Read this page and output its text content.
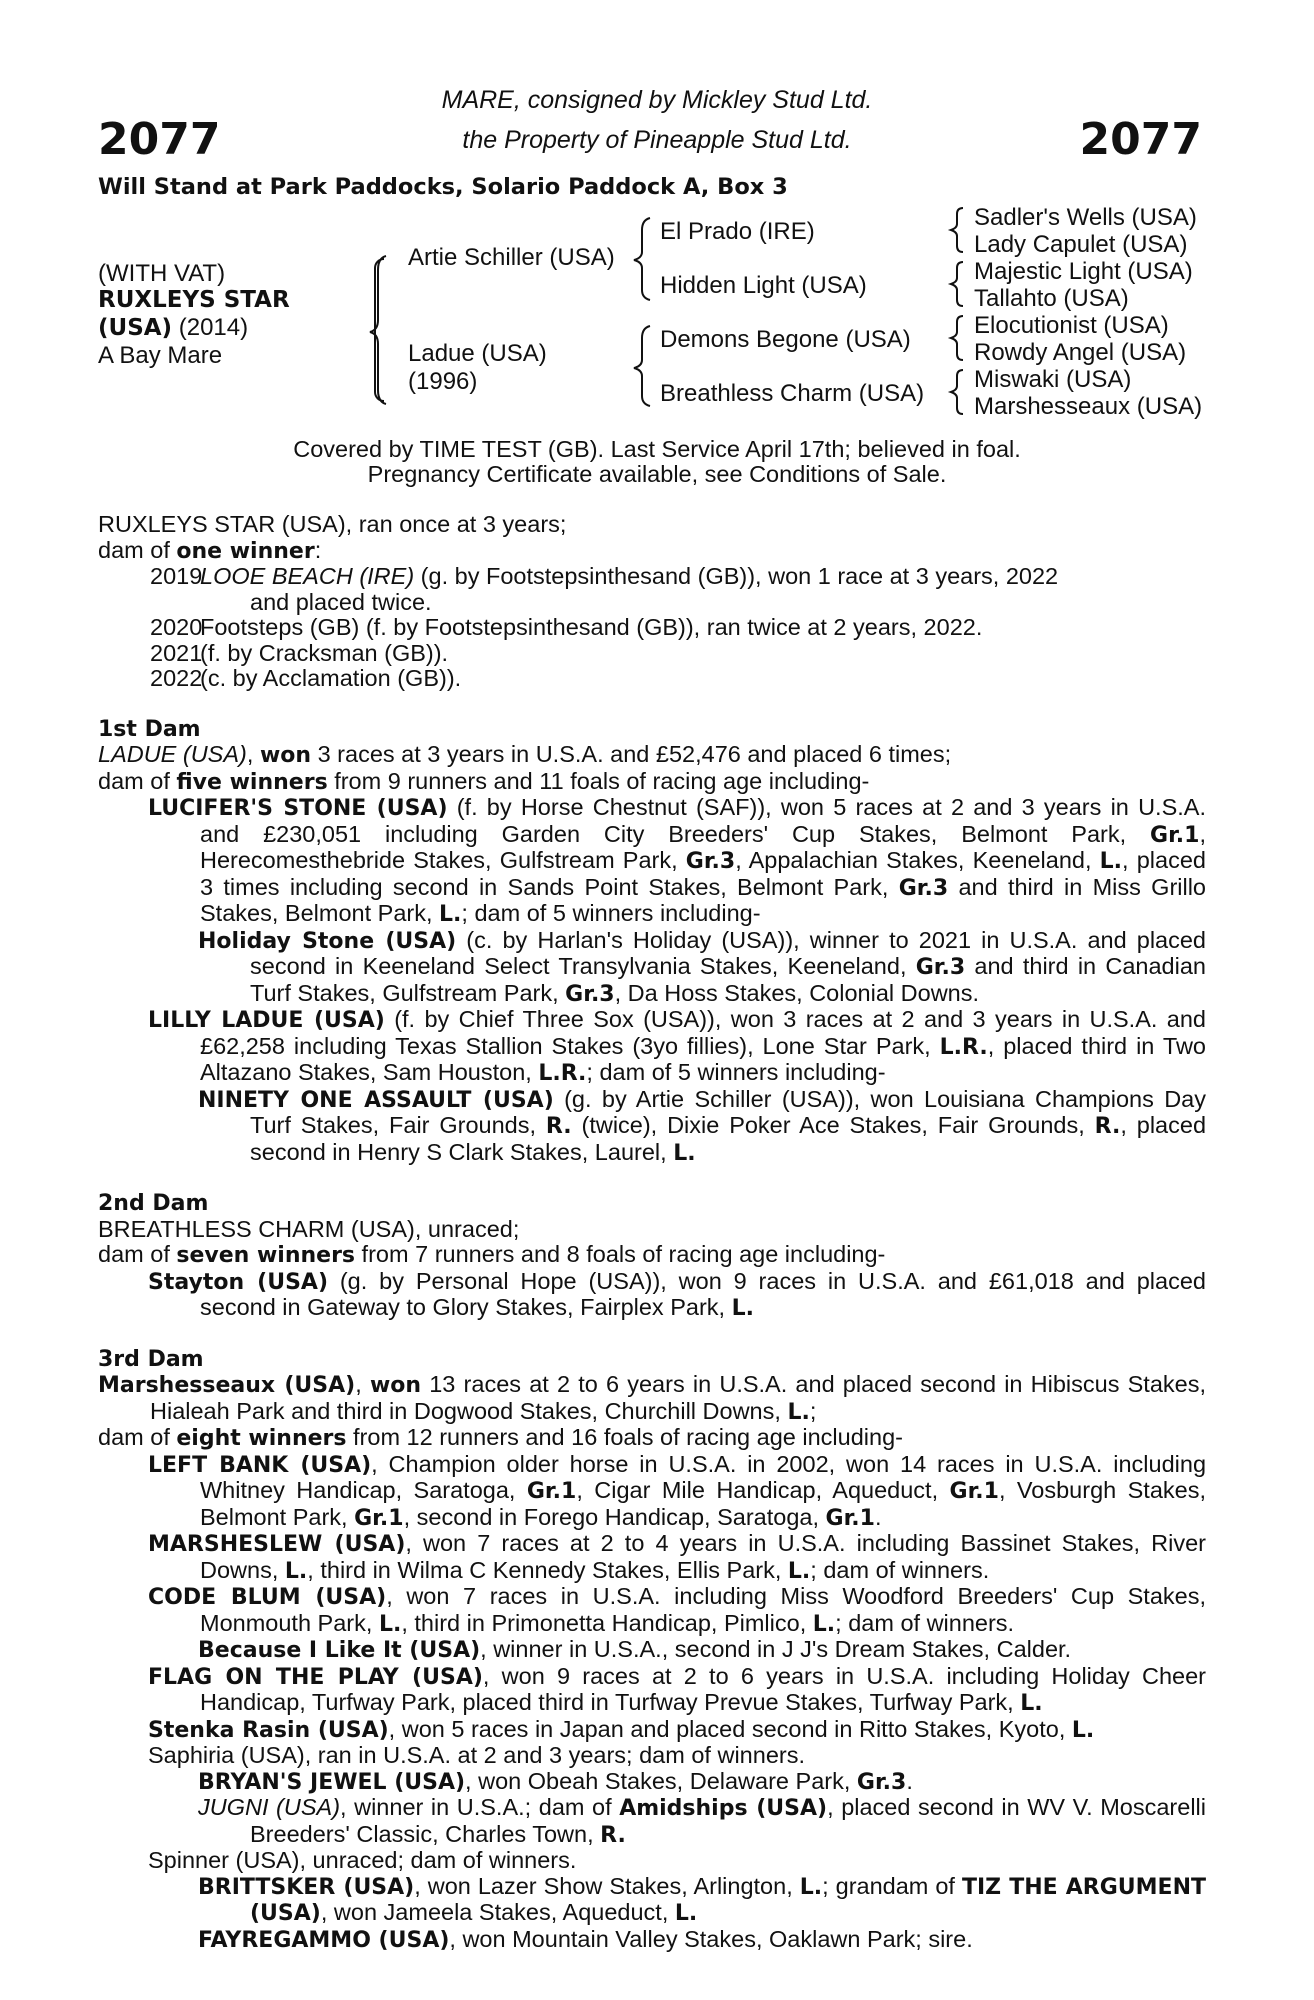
2077	2077
MARE, consigned by Mickley Stud Ltd.
the Property of Pineapple Stud Ltd.
Will Stand at Park Paddocks, Solario Paddock A, Box 3
(WITH VAT)
RUXLEYS STAR
(USA) (2014)
A Bay Mare
Artie Schiller (USA)
Ladue (USA)
(1996)
El Prado (IRE)
Hidden Light (USA)
Demons Begone (USA)
Breathless Charm (USA)
Sadler's Wells (USA)
Lady Capulet (USA)
Majestic Light (USA)
Tallahto (USA)
Elocutionist (USA)
Rowdy Angel (USA)
Miswaki (USA)
Marshesseaux (USA)
Covered by TIME TEST (GB). Last Service April 17th; believed in foal.
Pregnancy Certificate available, see Conditions of Sale.
RUXLEYS STAR (USA), ran once at 3 years;
dam of one winner:
2019
LOOE BEACH (IRE) (g. by Footstepsinthesand (GB)), won 1 race at 3 years, 2022
and placed twice.
2020
Footsteps (GB) (f. by Footstepsinthesand (GB)), ran twice at 2 years, 2022.
2021
(f. by Cracksman (GB)).
2022
(c. by Acclamation (GB)).
1st Dam
LADUE (USA), won 3 races at 3 years in U.S.A. and £52,476 and placed 6 times;
dam of five winners from 9 runners and 11 foals of racing age including-
LUCIFER'S STONE (USA) (f. by Horse Chestnut (SAF)), won 5 races at 2 and 3 years in U.S.A. and £230,051 including Garden City Breeders' Cup Stakes, Belmont Park, Gr.1, Herecomesthebride Stakes, Gulfstream Park, Gr.3, Appalachian Stakes, Keeneland, L., placed 3 times including second in Sands Point Stakes, Belmont Park, Gr.3 and third in Miss Grillo Stakes, Belmont Park, L.; dam of 5 winners including-
Holiday Stone (USA) (c. by Harlan's Holiday (USA)), winner to 2021 in U.S.A. and placed second in Keeneland Select Transylvania Stakes, Keeneland, Gr.3 and third in Canadian Turf Stakes, Gulfstream Park, Gr.3, Da Hoss Stakes, Colonial Downs.
LILLY LADUE (USA) (f. by Chief Three Sox (USA)), won 3 races at 2 and 3 years in U.S.A. and £62,258 including Texas Stallion Stakes (3yo fillies), Lone Star Park, L.R., placed third in Two Altazano Stakes, Sam Houston, L.R.; dam of 5 winners including-
NINETY ONE ASSAULT (USA) (g. by Artie Schiller (USA)), won Louisiana Champions Day Turf Stakes, Fair Grounds, R. (twice), Dixie Poker Ace Stakes, Fair Grounds, R., placed second in Henry S Clark Stakes, Laurel, L.
2nd Dam
BREATHLESS CHARM (USA), unraced;
dam of seven winners from 7 runners and 8 foals of racing age including-
Stayton (USA) (g. by Personal Hope (USA)), won 9 races in U.S.A. and £61,018 and placed second in Gateway to Glory Stakes, Fairplex Park, L.
3rd Dam
Marshesseaux (USA), won 13 races at 2 to 6 years in U.S.A. and placed second in Hibiscus Stakes, Hialeah Park and third in Dogwood Stakes, Churchill Downs, L.;
dam of eight winners from 12 runners and 16 foals of racing age including-
LEFT BANK (USA), Champion older horse in U.S.A. in 2002, won 14 races in U.S.A. including Whitney Handicap, Saratoga, Gr.1, Cigar Mile Handicap, Aqueduct, Gr.1, Vosburgh Stakes, Belmont Park, Gr.1, second in Forego Handicap, Saratoga, Gr.1.
MARSHESLEW (USA), won 7 races at 2 to 4 years in U.S.A. including Bassinet Stakes, River Downs, L., third in Wilma C Kennedy Stakes, Ellis Park, L.; dam of winners.
CODE BLUM (USA), won 7 races in U.S.A. including Miss Woodford Breeders' Cup Stakes, Monmouth Park, L., third in Primonetta Handicap, Pimlico, L.; dam of winners.
Because I Like It (USA), winner in U.S.A., second in J J's Dream Stakes, Calder.
FLAG ON THE PLAY (USA), won 9 races at 2 to 6 years in U.S.A. including Holiday Cheer Handicap, Turfway Park, placed third in Turfway Prevue Stakes, Turfway Park, L.
Stenka Rasin (USA), won 5 races in Japan and placed second in Ritto Stakes, Kyoto, L.
Saphiria (USA), ran in U.S.A. at 2 and 3 years; dam of winners.
BRYAN'S JEWEL (USA), won Obeah Stakes, Delaware Park, Gr.3.
JUGNI (USA), winner in U.S.A.; dam of Amidships (USA), placed second in WV V. Moscarelli Breeders' Classic, Charles Town, R.
Spinner (USA), unraced; dam of winners.
BRITTSKER (USA), won Lazer Show Stakes, Arlington, L.; grandam of TIZ THE ARGUMENT (USA), won Jameela Stakes, Aqueduct, L.
FAYREGAMMO (USA), won Mountain Valley Stakes, Oaklawn Park; sire.
